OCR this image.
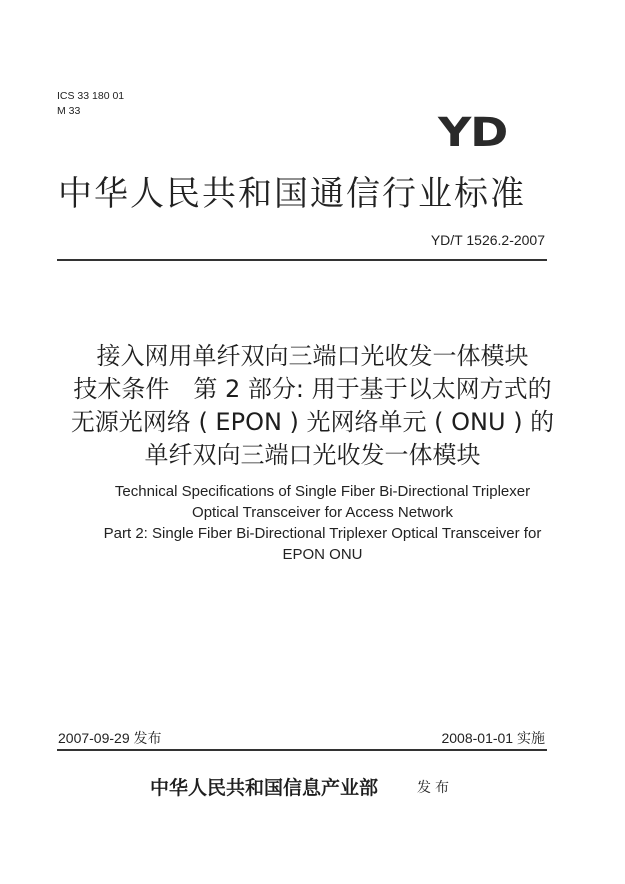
ICS 33 180 01
M 33	YD
中华人民共和国通信行业标准
YD/T 1526.2-2007
接入网用单纤双向三端口光收发一体模块
技术条件　第 2 部分: 用于基于以太网方式的
无源光网络 ( EPON ) 光网络单元 ( ONU ) 的
单纤双向三端口光收发一体模块
Technical Specifications of Single Fiber Bi-Directional Triplexer
Optical Transceiver for Access Network
Part 2: Single Fiber Bi-Directional Triplexer Optical Transceiver for
EPON ONU
2007-09-29 发布	2008-01-01 实施
中华人民共和国信息产业部	发布
